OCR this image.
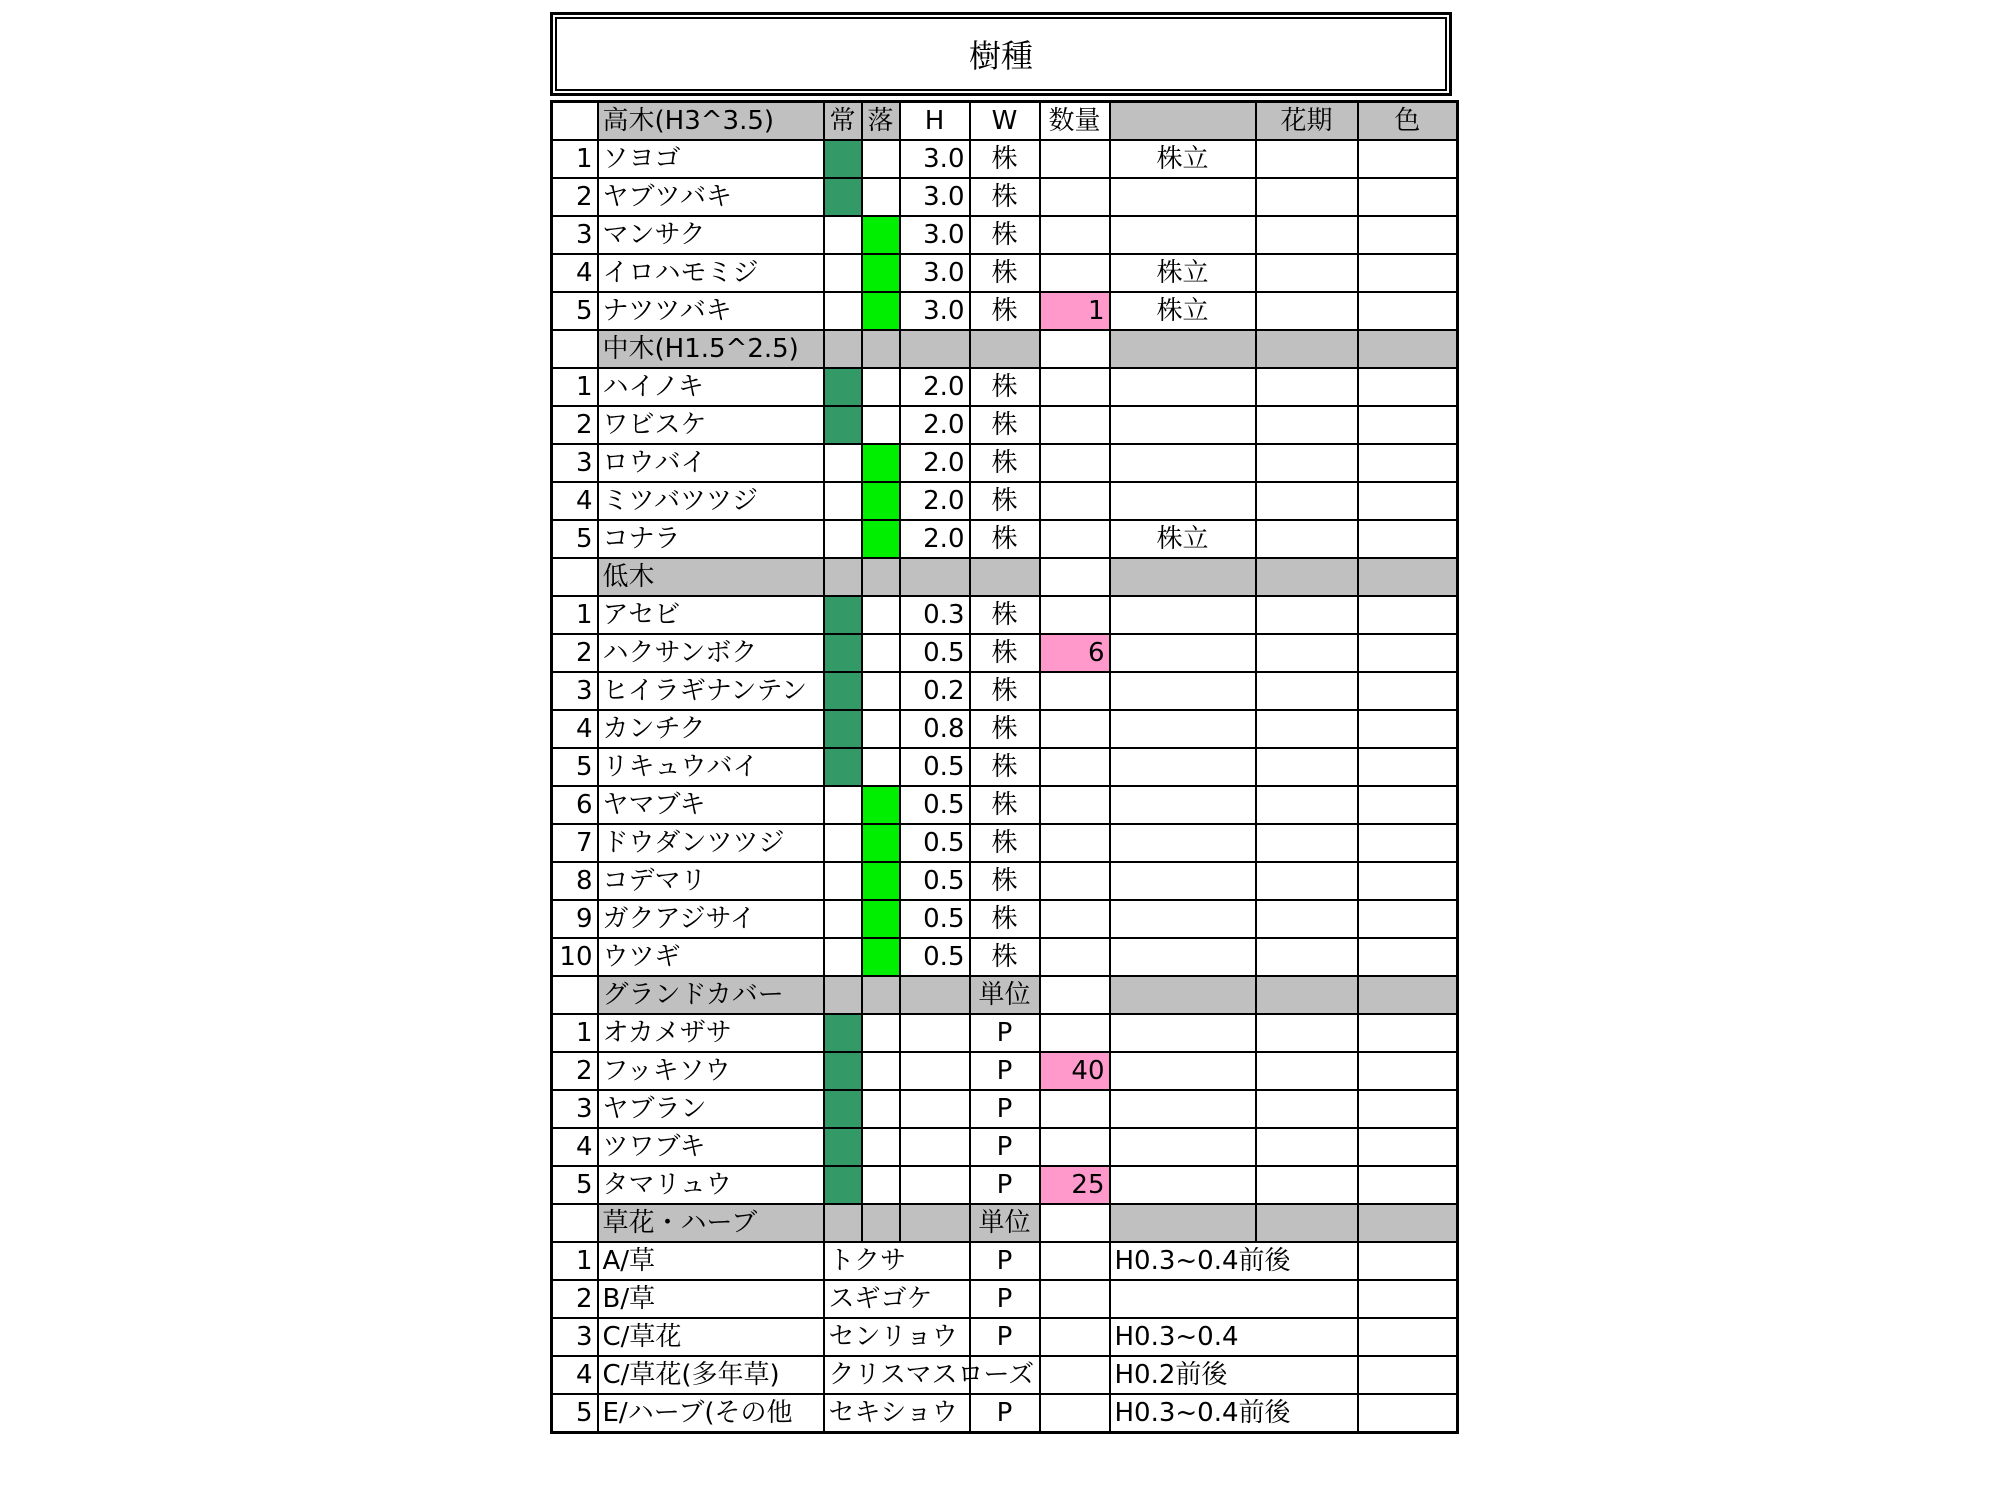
樹種
	高木(H3^3.5)	常	落	H	W	数量		花期	色
1	ソヨゴ			3.0	株		株立		
2	ヤブツバキ			3.0	株				
3	マンサク			3.0	株				
4	イロハモミジ			3.0	株		株立		
5	ナツツバキ			3.0	株	1	株立		
	中木(H1.5^2.5)								
1	ハイノキ			2.0	株				
2	ワビスケ			2.0	株				
3	ロウバイ			2.0	株				
4	ミツバツツジ			2.0	株				
5	コナラ			2.0	株		株立		
	低木								
1	アセビ			0.3	株				
2	ハクサンボク			0.5	株	6			
3	ヒイラギナンテン			0.2	株				
4	カンチク			0.8	株				
5	リキュウバイ			0.5	株				
6	ヤマブキ			0.5	株				
7	ドウダンツツジ			0.5	株				
8	コデマリ			0.5	株				
9	ガクアジサイ			0.5	株				
10	ウツギ			0.5	株				
	グランドカバー				単位				
1	オカメザサ				P				
2	フッキソウ				P	40			
3	ヤブラン				P				
4	ツワブキ				P				
5	タマリュウ				P	25			
	草花・ハーブ				単位				
1	A/草	トクサ			P		H0.3~0.4前後		
2	B/草	スギゴケ			P				
3	C/草花	センリョウ			P		H0.3~0.4		
4	C/草花(多年草)	クリスマスローズ					H0.2前後		
5	E/ハーブ(その他	セキショウ			P		H0.3~0.4前後		
